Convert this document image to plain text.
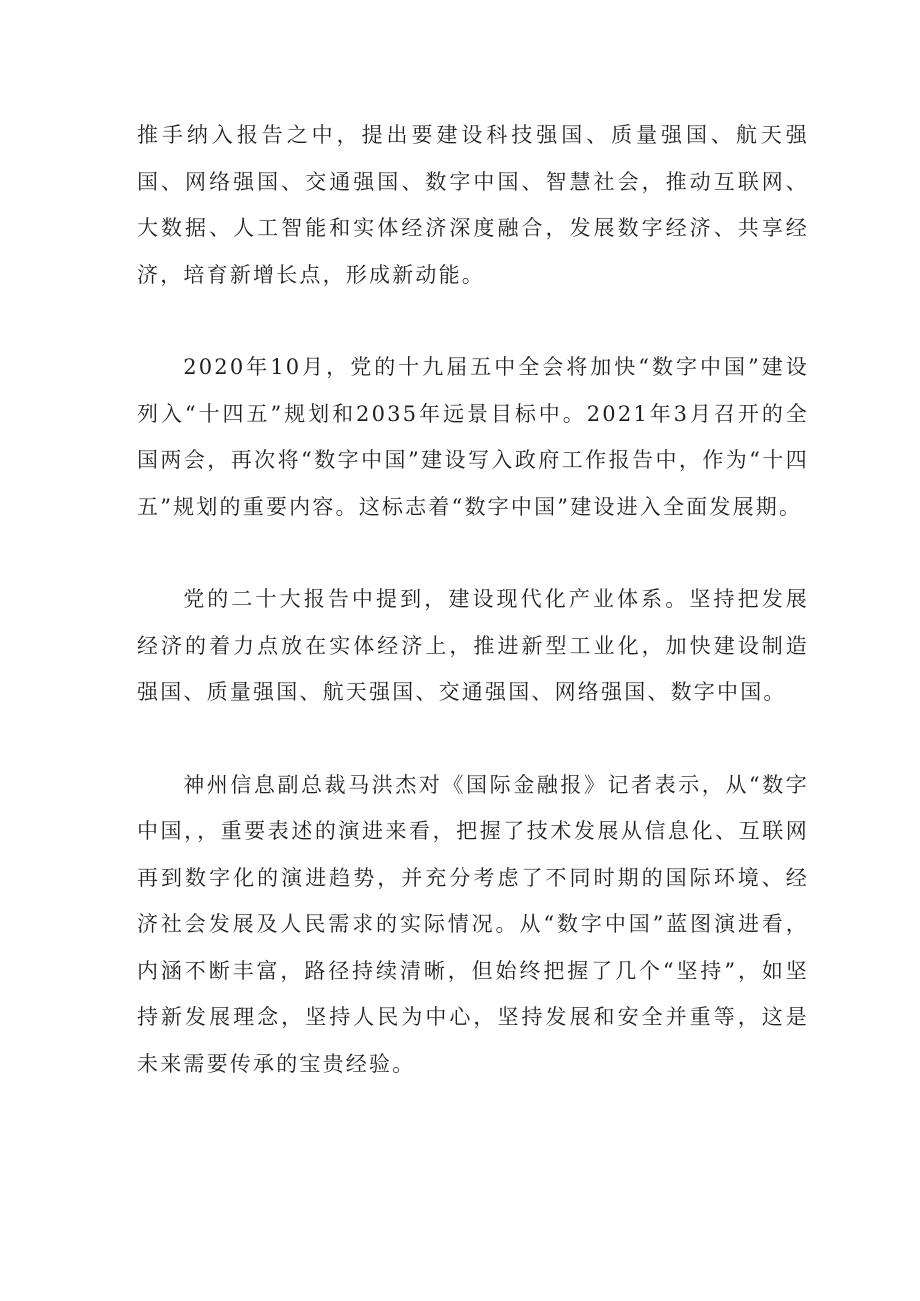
推手纳入报告之中，提出要建设科技强国、质量强国、航天强国、网络强国、交通强国、数字中国、智慧社会，推动互联网、大数据、人工智能和实体经济深度融合，发展数字经济、共享经济，培育新增长点，形成新动能。

2020年10月，党的十九届五中全会将加快“数字中国”建设列入“十四五”规划和2035年远景目标中。2021年3月召开的全国两会，再次将“数字中国”建设写入政府工作报告中，作为“十四五”规划的重要内容。这标志着“数字中国”建设进入全面发展期。

党的二十大报告中提到，建设现代化产业体系。坚持把发展经济的着力点放在实体经济上，推进新型工业化，加快建设制造强国、质量强国、航天强国、交通强国、网络强国、数字中国。

神州信息副总裁马洪杰对《国际金融报》记者表示，从“数字中国，，重要表述的演进来看，把握了技术发展从信息化、互联网再到数字化的演进趋势，并充分考虑了不同时期的国际环境、经济社会发展及人民需求的实际情况。从“数字中国”蓝图演进看，内涵不断丰富，路径持续清晰，但始终把握了几个“坚持”，如坚持新发展理念，坚持人民为中心，坚持发展和安全并重等，这是未来需要传承的宝贵经验。
